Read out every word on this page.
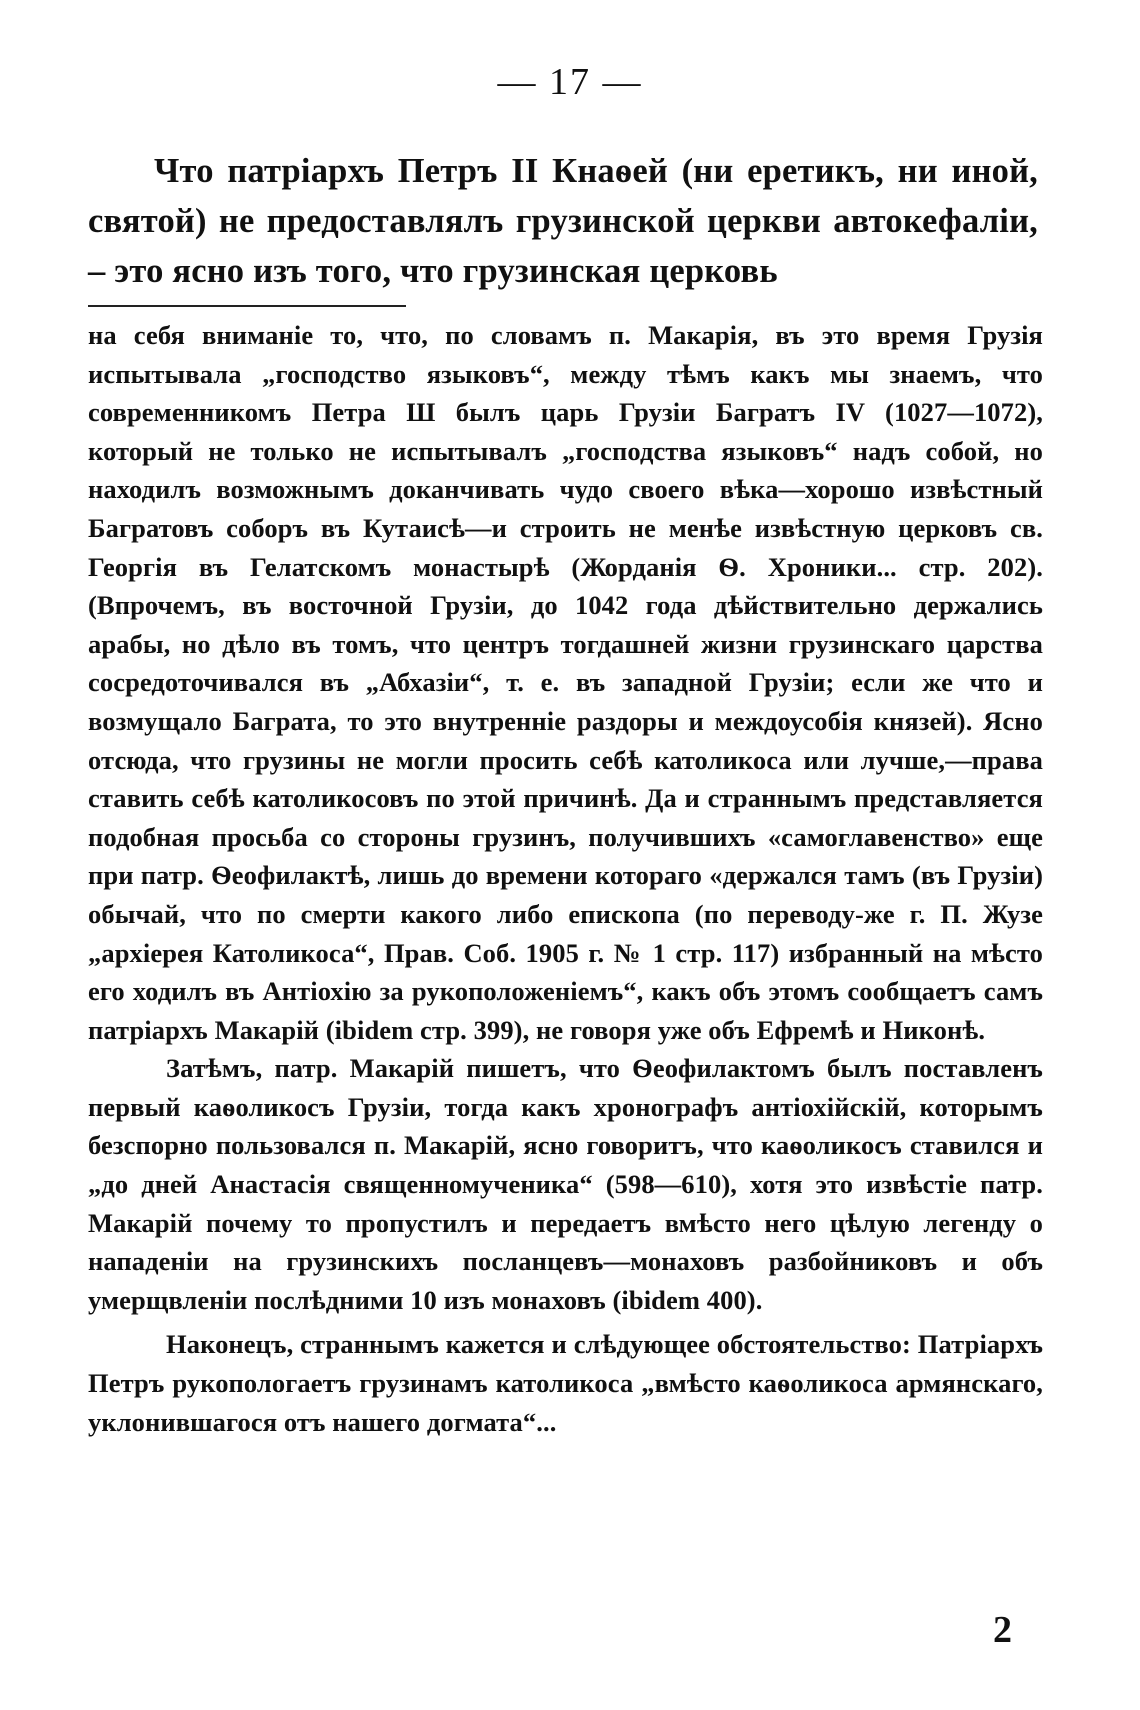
— 17 —

Что патріархъ Петръ II Кнаѳей (ни еретикъ, ни иной, святой) не предоставлялъ грузинской церкви автокефаліи, – это ясно изъ того, что грузинская церковь

на себя вниманіе то, что, по словамъ п. Макарія, въ это время Грузія испытывала „господство языковъ“, между тѣмъ какъ мы знаемъ, что современникомъ Петра Ш былъ царь Грузіи Багратъ IV (1027—1072), который не только не испытывалъ „господства языковъ“ надъ собой, но находилъ возможнымъ доканчивать чудо своего вѣка—хорошо извѣстный Багратовъ соборъ въ Кутаисѣ—и строить не менѣе извѣстную церковъ св. Георгія въ Гелатскомъ монастырѣ (Жорданія Ѳ. Хроники... стр. 202). (Впрочемъ, въ восточной Грузіи, до 1042 года дѣйствительно держались арабы, но дѣло въ томъ, что центръ тогдашней жизни грузинскаго царства сосредоточивался въ „Абхазіи“, т. е. въ западной Грузіи; если же что и возмущало Баграта, то это внутренніе раздоры и междоусобія князей). Ясно отсюда, что грузины не могли просить себѣ католикоса или лучше,—права ставить себѣ католикосовъ по этой причинѣ. Да и страннымъ представляется подобная просьба со стороны грузинъ, получившихъ «самоглавенство» еще при патр. Ѳеофилактѣ, лишь до времени котораго «держался тамъ (въ Грузіи) обычай, что по смерти какого либо епископа (по переводу-же г. П. Жузе „архіерея Католикоса“, Прав. Соб. 1905 г. № 1 стр. 117) избранный на мѣсто его ходилъ въ Антіохію за рукоположеніемъ“, какъ объ этомъ сообщаетъ самъ патріархъ Макарій (ibidem стр. 399), не говоря уже объ Ефремѣ и Никонѣ.

Затѣмъ, патр. Макарій пишетъ, что Ѳеофилактомъ былъ поставленъ первый каѳоликосъ Грузіи, тогда какъ хронографъ антіохійскій, которымъ безспорно пользовался п. Макарій, ясно говоритъ, что каѳоликосъ ставился и „до дней Анастасія священномученика“ (598—610), хотя это извѣстіе патр. Макарій почему то пропустилъ и передаетъ вмѣсто него цѣлую легенду о нападеніи на грузинскихъ посланцевъ—монаховъ разбойниковъ и объ умерщвленіи послѣдними 10 изъ монаховъ (ibidem 400).

Наконецъ, страннымъ кажется и слѣдующее обстоятельство: Патріархъ Петръ рукопологаетъ грузинамъ католикоса „вмѣсто каѳоликоса армянскаго, уклонившагося отъ нашего догмата“...

2
